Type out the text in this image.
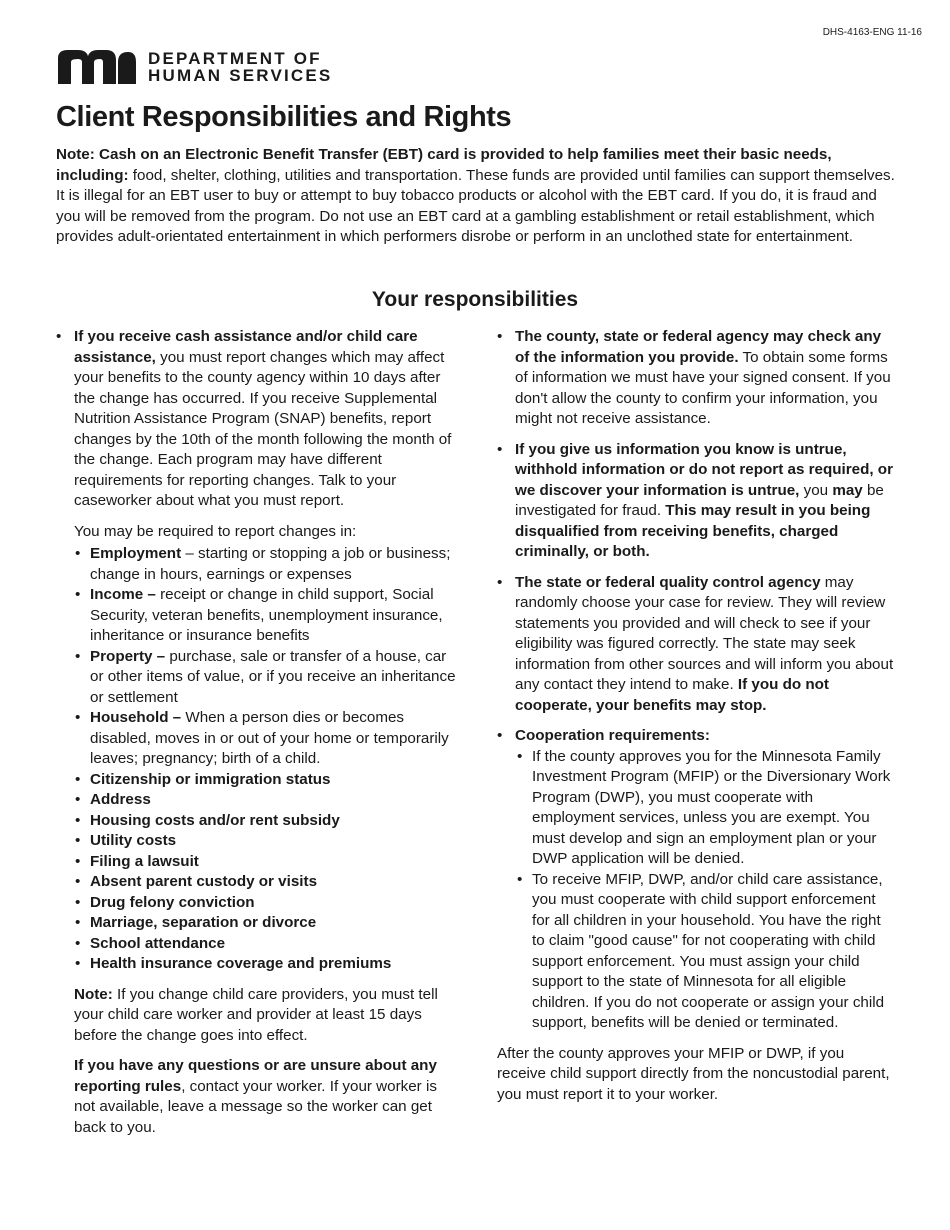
DHS-4163-ENG 11-16
DEPARTMENT OF
HUMAN SERVICES
Client Responsibilities and Rights

Note: Cash on an Electronic Benefit Transfer (EBT) card is provided to help families meet their basic needs, including: food, shelter, clothing, utilities and transportation. These funds are provided until families can support themselves. It is illegal for an EBT user to buy or attempt to buy tobacco products or alcohol with the EBT card. If you do, it is fraud and you will be removed from the program. Do not use an EBT card at a gambling establishment or retail establishment, which provides adult-orientated entertainment in which performers disrobe or perform in an unclothed state for entertainment.

Your responsibilities
• If you receive cash assistance and/or child care assistance, you must report changes which may affect your benefits to the county agency within 10 days after the change has occurred. If you receive Supplemental Nutrition Assistance Program (SNAP) benefits, report changes by the 10th of the month following the month of the change. Each program may have different requirements for reporting changes. Talk to your caseworker about what you must report.

You may be required to report changes in:

• Employment – starting or stopping a job or business; change in hours, earnings or expenses
• Income – receipt or change in child support, Social Security, veteran benefits, unemployment insurance, inheritance or insurance benefits
• Property – purchase, sale or transfer of a house, car or other items of value, or if you receive an inheritance or settlement
• Household – When a person dies or becomes disabled, moves in or out of your home or temporarily leaves; pregnancy; birth of a child.
• Citizenship or immigration status
• Address
• Housing costs and/or rent subsidy
• Utility costs
• Filing a lawsuit
• Absent parent custody or visits
• Drug felony conviction
• Marriage, separation or divorce
• School attendance
• Health insurance coverage and premiums

Note: If you change child care providers, you must tell your child care worker and provider at least 15 days before the change goes into effect.

If you have any questions or are unsure about any reporting rules, contact your worker. If your worker is not available, leave a message so the worker can get back to you.

• The county, state or federal agency may check any of the information you provide. To obtain some forms of information we must have your signed consent. If you don't allow the county to confirm your information, you might not receive assistance.
• If you give us information you know is untrue, withhold information or do not report as required, or we discover your information is untrue, you may be investigated for fraud. This may result in you being disqualified from receiving benefits, charged criminally, or both.
• The state or federal quality control agency may randomly choose your case for review. They will review statements you provided and will check to see if your eligibility was figured correctly. The state may seek information from other sources and will inform you about any contact they intend to make. If you do not cooperate, your benefits may stop.
• Cooperation requirements:
• If the county approves you for the Minnesota Family Investment Program (MFIP) or the Diversionary Work Program (DWP), you must cooperate with employment services, unless you are exempt. You must develop and sign an employment plan or your DWP application will be denied.
• To receive MFIP, DWP, and/or child care assistance, you must cooperate with child support enforcement for all children in your household. You have the right to claim "good cause" for not cooperating with child support enforcement. You must assign your child support to the state of Minnesota for all eligible children. If you do not cooperate or assign your child support, benefits will be denied or terminated.

After the county approves your MFIP or DWP, if you receive child support directly from the noncustodial parent, you must report it to your worker.
